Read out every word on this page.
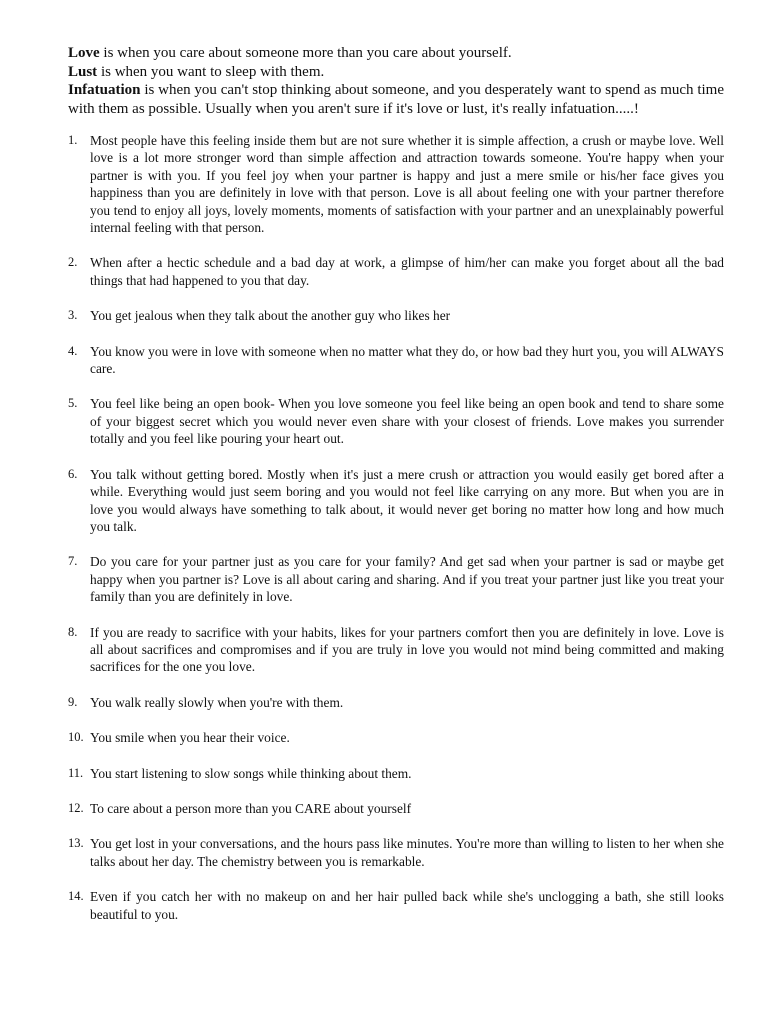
Love is when you care about someone more than you care about yourself.

Lust is when you want to sleep with them.

Infatuation is when you can't stop thinking about someone, and you desperately want to spend as much time with them as possible. Usually when you aren't sure if it's love or lust, it's really infatuation.....!

1. Most people have this feeling inside them but are not sure whether it is simple affection, a crush or maybe love. Well love is a lot more stronger word than simple affection and attraction towards someone. You're happy when your partner is with you. If you feel joy when your partner is happy and just a mere smile or his/her face gives you happiness than you are definitely in love with that person. Love is all about feeling one with your partner therefore you tend to enjoy all joys, lovely moments, moments of satisfaction with your partner and an unexplainably powerful internal feeling with that person.
2. When after a hectic schedule and a bad day at work, a glimpse of him/her can make you forget about all the bad things that had happened to you that day.
3. You get jealous when they talk about the another guy who likes her
4. You know you were in love with someone when no matter what they do, or how bad they hurt you, you will ALWAYS care.
5. You feel like being an open book- When you love someone you feel like being an open book and tend to share some of your biggest secret which you would never even share with your closest of friends. Love makes you surrender totally and you feel like pouring your heart out.
6. You talk without getting bored. Mostly when it's just a mere crush or attraction you would easily get bored after a while. Everything would just seem boring and you would not feel like carrying on any more. But when you are in love you would always have something to talk about, it would never get boring no matter how long and how much you talk.
7. Do you care for your partner just as you care for your family? And get sad when your partner is sad or maybe get happy when you partner is? Love is all about caring and sharing. And if you treat your partner just like you treat your family than you are definitely in love.
8. If you are ready to sacrifice with your habits, likes for your partners comfort then you are definitely in love. Love is all about sacrifices and compromises and if you are truly in love you would not mind being committed and making sacrifices for the one you love.
9. You walk really slowly when you're with them.
10. You smile when you hear their voice.
11. You start listening to slow songs while thinking about them.
12. To care about a person more than you CARE about yourself
13. You get lost in your conversations, and the hours pass like minutes. You're more than willing to listen to her when she talks about her day. The chemistry between you is remarkable.
14. Even if you catch her with no makeup on and her hair pulled back while she's unclogging a bath, she still looks beautiful to you.
